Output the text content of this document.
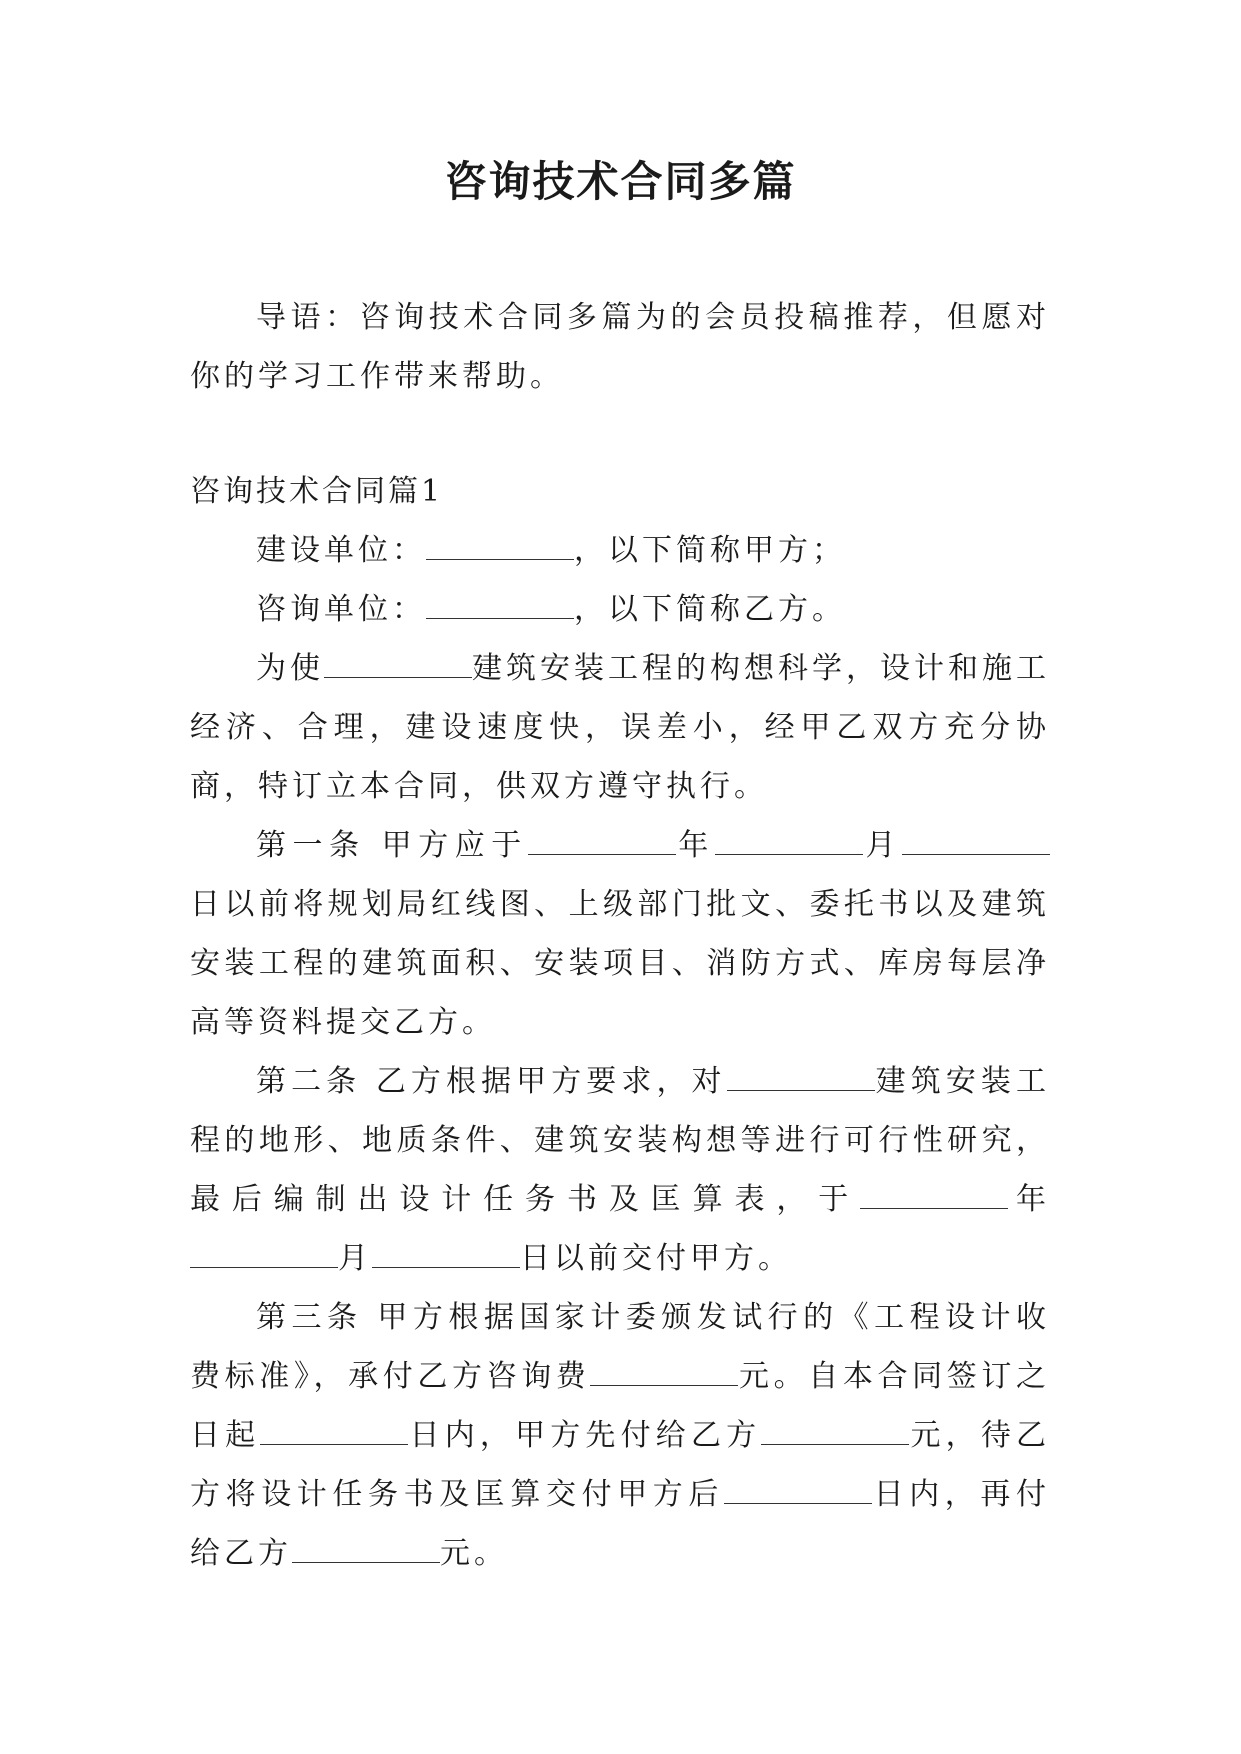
咨询技术合同多篇

导语：咨询技术合同多篇为的会员投稿推荐，但愿对你的学习工作带来帮助。

咨询技术合同篇1

建设单位：	，以下简称甲方；

咨询单位：	，以下简称乙方。

为使	建筑安装工程的构想科学，设计和施工经济、合理，建设速度快，误差小，经甲乙双方充分协商，特订立本合同，供双方遵守执行。

第一条 甲方应于	年	月日以前将规划局红线图、上级部门批文、委托书以及建筑安装工程的建筑面积、安装项目、消防方式、库房每层净高等资料提交乙方。

第二条 乙方根据甲方要求，对	建筑安装工程的地形、地质条件、建筑安装构想等进行可行性研究，最后编制出设计任务书及匡算表，于	年月	日以前交付甲方。

第三条 甲方根据国家计委颁发试行的《工程设计收费标准》，承付乙方咨询费	元。自本合同签订之日起	日内，甲方先付给乙方	元，待乙方将设计任务书及匡算交付甲方后	日内，再付给乙方	元。
